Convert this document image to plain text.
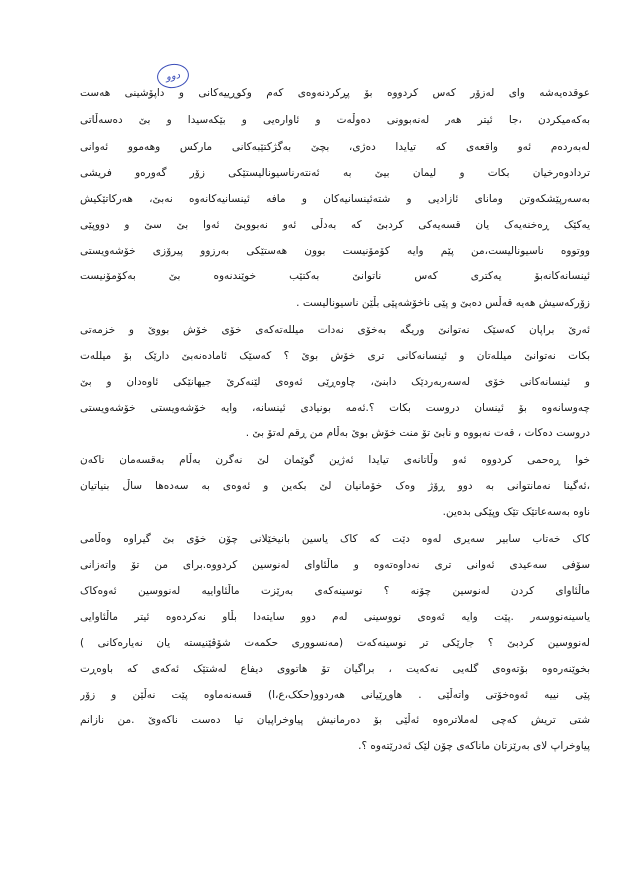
دوو
عوقدەیەشە وای لەزۆر کەس کردووە بۆ پڕکردنەوەی کەم وکوڕییەکانی و داپۆشینی هەست
بەکەمیکردن ،جا ئیتر هەر لەنەبوونی دەوڵەت و ئاوارەیی و بێکەسیدا و بێ دەسەڵاتی
لەبەردەم ئەو واقعەی کە تیایدا دەژی، بچێ بەگژکتێبەکانی مارکس وهەموو ئەوانی
تردادوەرخیان بکات و لیمان بیێ بە ئەنتەرناسیونالیستێکی زۆر گەورەو فریشی
بەسەرپێشکەوتن ومانای ئازادیی و شتەئینسانیەکان و مافە ئینسانیەکانەوە نەبێ، هەرکاتێکیش
یەکێک ڕەخنەیەک یان قسەیەکی کردبێ کە بەدڵی ئەو نەبووبێ ئەوا بێ سێ و دووپێی
ووتووە ناسیونالیست،من پێم وایە کۆمۆنیست بوون هەستێکی بەرزوو پیرۆزی خۆشەویستی
ئینسانەکانەبۆ یەکتری کەس ناتوانێ بەکتێب خوێندنەوە بێ بەکۆمۆنیست
زۆرکەسیش هەیە قەڵس دەبێ و پێی ناخۆشەپێی بڵێن ناسیونالیست .
ئەرێ براپان کەسێک نەتوانێ وریگە بەخۆی نەدات میللەتەکەی خۆی خۆش بووێ و خزمەتی
بکات نەتوانێ میللەتان و ئینسانەکانی تری خۆش بوێ ؟ کەسێک ئامادەنەبێ دارێک بۆ میللەت
و ئینسانەکانی خۆی لەسەربەردێک دابنێ، چاوەڕێی ئەوەی لێنەکرێ جیهانێکی ئاوەدان و بێ
چەوسانەوە بۆ ئینسان دروست بکات ؟.ئەمە بونیادی ئینسانە، وایە خۆشەویستی خۆشەویستی
دروست دەکات ، قەت نەبووە و نابێ تۆ منت خۆش بوێ بەڵام من ڕقم لەتۆ بێ .
خوا ڕەحمی کردووە ئەو وڵاتانەی تیایدا ئەژین گوێمان لێ نەگرن بەڵام بەقسەمان ناکەن
،ئەگینا نەمانتوانی بە دوو ڕۆژ وەک خۆمانیان لێ بکەین و ئەوەی بە سەدەها ساڵ بنیاتیان
ناوە بەسەعاتێک تێک وپێکی بدەین.
کاک خەتاب سابیر سەیری لەوە دێت کە کاک یاسین بانیخێلانی چۆن خۆی بێ گیراوە وەڵامی
سۆفی سەعیدی ئەوانی تری نەداوەتەوە و ماڵئاوای لەنوسین کردووە.برای من تۆ واتەزانی
ماڵئاوای کردن لەنوسین چۆنە ؟ نوسینەکەی بەرێزت ماڵئاواییە لەنووسین ئەوەکاک
یاسینەنووسەر .پێت وایە ئەوەی نووسینی لەم دوو سایتەدا بڵاو نەکردەوە ئیتر ماڵئاوایی
لەنووسین کردبێ ؟ جارێکی تر نوسینەکەت (مەنسووری حکمەت شۆڤێنیستە یان نەیارەکانی )
بخوێنەرەوە بۆتەوەی گلەیی نەکەیت ، براگیان تۆ هاتووی دیفاع لەشتێک ئەکەی کە باوەڕت
پێی نییە ئەوەخۆتی واتەڵێی . هاوڕێیانی هەردوو(حکک،ع،ا) قسەنەماوە پێت نەڵێن و زۆر
شتی تریش کەچی لەملاترەوە ئەڵێی بۆ دەرمانیش پیاوخراپیان تیا دەست ناکەوێ .من نازانم
پیاوخراپ لای بەرێزتان ماناکەی چۆن لێک ئەدرێتەوە ؟.
